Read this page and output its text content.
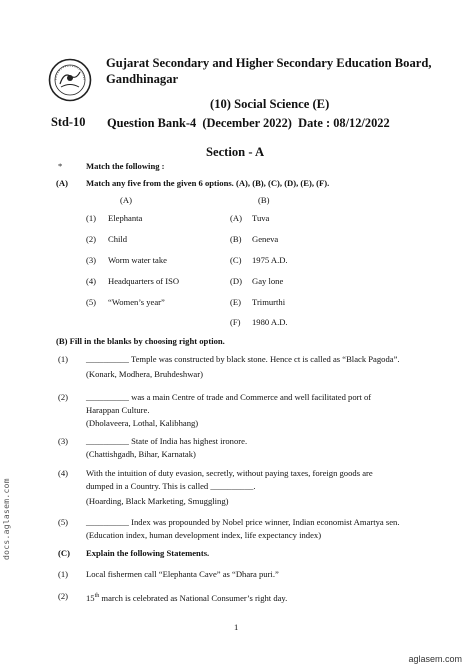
Gujarat Secondary and Higher Secondary Education Board,
Gandhinagar
(10) Social Science (E)
Std-10 Question Bank-4  (December 2022)  Date : 08/12/2022
Section - A
*	Match the following :
(A) Match any five from the given 6 options. (A), (B), (C), (D), (E), (F).
(A)	(B)
(1) Elephanta	(A) Tuva
(2) Child	(B) Geneva
(3) Worm water take	(C) 1975 A.D.
(4) Headquarters of ISO	(D) Gay lone
(5) “Women’s year”	(E) Trimurthi
(F) 1980 A.D.
(B) Fill in the blanks by choosing right option.
(1) __________ Temple was constructed by black stone. Hence ct is called as “Black Pagoda”.
(Konark, Modhera, Bruhdeshwar)
(2) __________ was a main Centre of trade and Commerce and well facilitated port of
Harappan Culture.
(Dholaveera, Lothal, Kalibhang)
(3) __________ State of India has highest ironore.
(Chattishgadh, Bihar, Karnatak)
(4) With the intuition of duty evasion, secretly, without paying taxes, foreign goods are
dumped in a Country. This is called __________.
(Hoarding, Black Marketing, Smuggling)
(5) __________ Index was propounded by Nobel price winner, Indian economist Amartya sen.
(Education index, human development index, life expectancy index)
(C) Explain the following Statements.
(1) Local fishermen call “Elephanta Cave” as “Dhara puri.”
(2) 15th march is celebrated as National Consumer’s right day.
1
docs.aglasem.com
aglasem.com
